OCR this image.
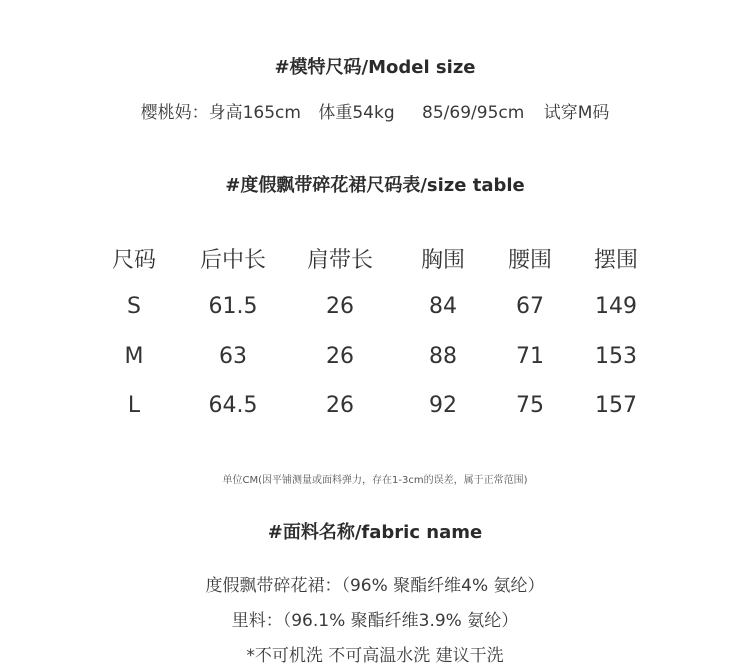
#模特尺码/Model size
樱桃妈：身高165cm 体重54kg 85/69/95cm 试穿M码
#度假飘带碎花裙尺码表/size table
尺码	后中长	肩带长	胸围	腰围	摆围
S	61.5	26	84	67	149
M	63	26	88	71	153
L	64.5	26	92	75	157
单位CM(因平铺测量或面料弹力，存在1-3cm的误差，属于正常范围)
#面料名称/fabric name
度假飘带碎花裙：（96% 聚酯纤维4% 氨纶）
里料：（96.1% 聚酯纤维3.9% 氨纶）
*不可机洗 不可高温水洗 建议干洗
